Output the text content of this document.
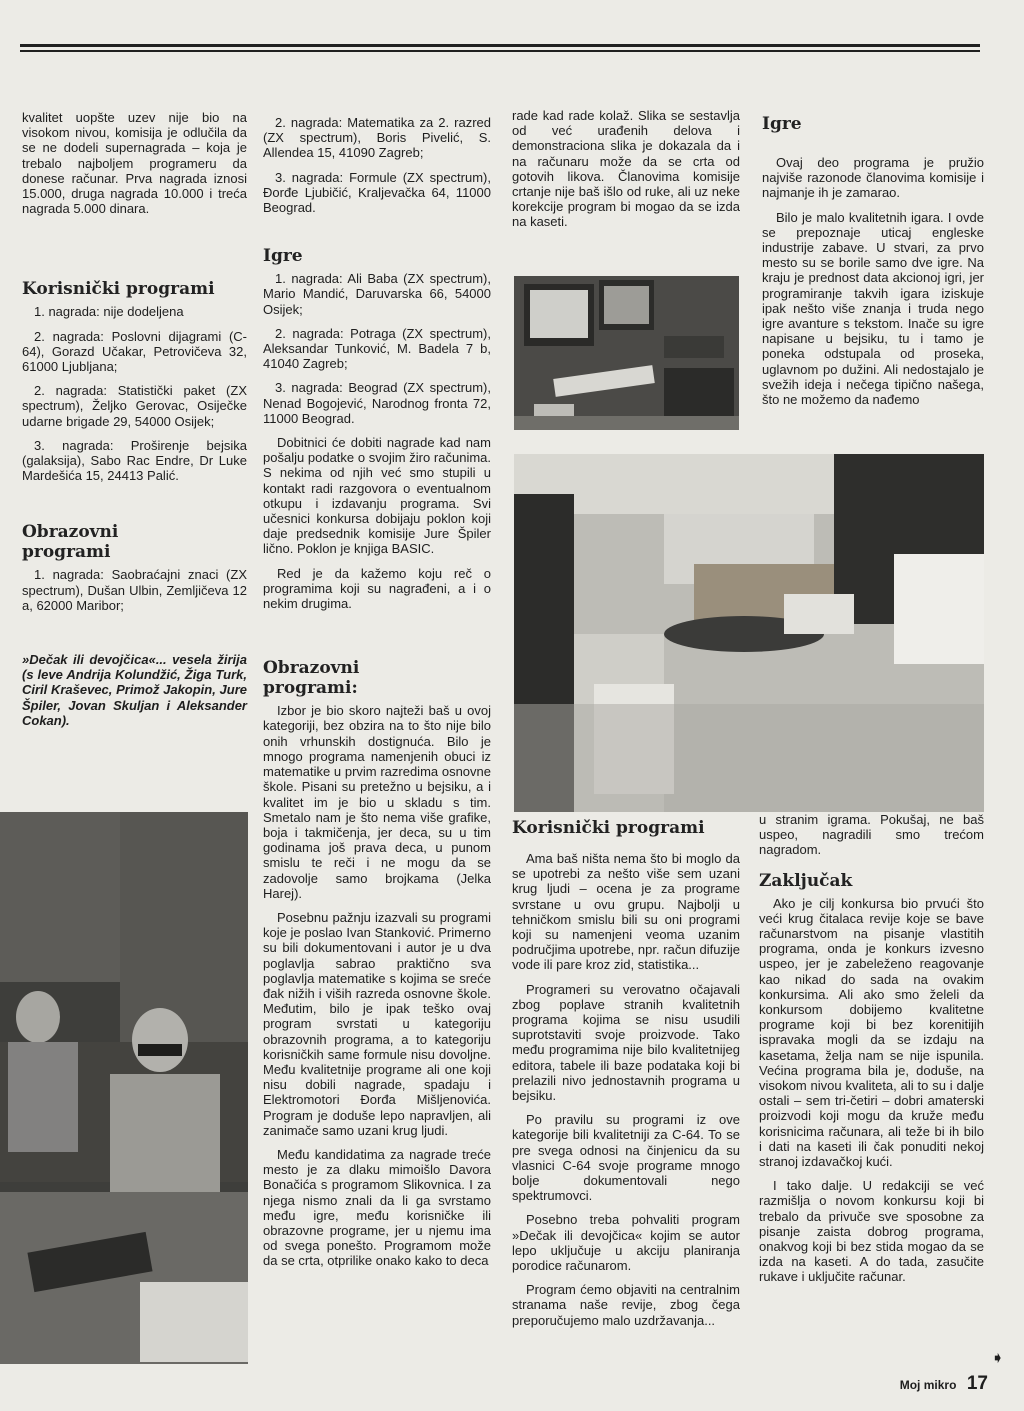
kvalitet uopšte uzev nije bio na visokom nivou, komisija je odlučila da se ne dodeli supernagrada – koja je trebalo najboljem programeru da donese računar. Prva nagrada iznosi 15.000, druga nagrada 10.000 i treća nagrada 5.000 dinara.

Korisnički programi

1. nagrada: nije dodeljena

2. nagrada: Poslovni dijagrami (C-64), Gorazd Učakar, Petrovičeva 32, 61000 Ljubljana;

2. nagrada: Statistički paket (ZX spectrum), Željko Gerovac, Osiječke udarne brigade 29, 54000 Osijek;

3. nagrada: Proširenje bejsika (galaksija), Sabo Rac Endre, Dr Luke Mardešića 15, 24413 Palić.

Obrazovni programi

1. nagrada: Saobraćajni znaci (ZX spectrum), Dušan Ulbin, Zemljičeva 12 a, 62000 Maribor;

»Dečak ili devojčica«... vesela žirija (s leve Andrija Kolundžić, Žiga Turk, Ciril Kraševec, Primož Jakopin, Jure Špiler, Jovan Skuljan i Aleksander Cokan).

2. nagrada: Matematika za 2. razred (ZX spectrum), Boris Pivelić, S. Allendea 15, 41090 Zagreb;

3. nagrada: Formule (ZX spectrum), Đorđe Ljubičić, Kraljevačka 64, 11000 Beograd.

Igre

1. nagrada: Ali Baba (ZX spectrum), Mario Mandić, Daruvarska 66, 54000 Osijek;

2. nagrada: Potraga (ZX spectrum), Aleksandar Tunković, M. Badela 7 b, 41040 Zagreb;

3. nagrada: Beograd (ZX spectrum), Nenad Bogojević, Narodnog fronta 72, 11000 Beograd.

Dobitnici će dobiti nagrade kad nam pošalju podatke o svojim žiro računima. S nekima od njih već smo stupili u kontakt radi razgovora o eventualnom otkupu i izdavanju programa. Svi učesnici konkursa dobijaju poklon koji daje predsednik komisije Jure Špiler lično. Poklon je knjiga BASIC.

Red je da kažemo koju reč o programima koji su nagrađeni, a i o nekim drugima.

Obrazovni programi:

Izbor je bio skoro najteži baš u ovoj kategoriji, bez obzira na to što nije bilo onih vrhunskih dostignuća. Bilo je mnogo programa namenjenih obuci iz matematike u prvim razredima osnovne škole. Pisani su pretežno u bejsiku, a i kvalitet im je bio u skladu s tim. Smetalo nam je što nema više grafike, boja i takmičenja, jer deca, su u tim godinama još prava deca, u punom smislu te reči i ne mogu da se zadovolje samo brojkama (Jelka Harej).

Posebnu pažnju izazvali su programi koje je poslao Ivan Stanković. Primerno su bili dokumentovani i autor je u dva poglavlja sabrao praktično sva poglavlja matematike s kojima se sreće đak nižih i viših razreda osnovne škole. Međutim, bilo je ipak teško ovaj program svrstati u kategoriju obrazovnih programa, a to kategoriju korisničkih same formule nisu dovoljne. Među kvalitetnije programe ali one koji nisu dobili nagrade, spadaju i Elektromotori Đorđa Mišljenovića. Program je doduše lepo napravljen, ali zanimače samo uzani krug ljudi.

Među kandidatima za nagrade treće mesto je za dlaku mimoišlo Davora Bonačića s programom Slikovnica. I za njega nismo znali da li ga svrstamo među igre, među korisničke ili obrazovne programe, jer u njemu ima od svega ponešto. Programom može da se crta, otprilike onako kako to deca

rade kad rade kolaž. Slika se sestavlja od već urađenih delova i demonstraciona slika je dokazala da i na računaru može da se crta od gotovih likova. Članovima komisije crtanje nije baš išlo od ruke, ali uz neke korekcije program bi mogao da se izda na kaseti.

Igre

Ovaj deo programa je pružio najviše razonode članovima komisije i najmanje ih je zamarao.

Bilo je malo kvalitetnih igara. I ovde se prepoznaje uticaj engleske industrije zabave. U stvari, za prvo mesto su se borile samo dve igre. Na kraju je prednost data akcionoj igri, jer programiranje takvih igara iziskuje ipak nešto više znanja i truda nego igre avanture s tekstom. Inače su igre napisane u bejsiku, tu i tamo je poneka odstupala od proseka, uglavnom po dužini. Ali nedostajalo je svežih ideja i nečega tipično našega, što ne možemo da nađemo

Korisnički programi

Ama baš ništa nema što bi moglo da se upotrebi za nešto više sem uzani krug ljudi – ocena je za programe svrstane u ovu grupu. Najbolji u tehničkom smislu bili su oni programi koji su namenjeni veoma uzanim područjima upotrebe, npr. račun difuzije vode ili pare kroz zid, statistika...

Programeri su verovatno očajavali zbog poplave stranih kvalitetnih programa kojima se nisu usudili suprotstaviti svoje proizvode. Tako među programima nije bilo kvalitetnijeg editora, tabele ili baze podataka koji bi prelazili nivo jednostavnih programa u bejsiku.

Po pravilu su programi iz ove kategorije bili kvalitetniji za C-64. To se pre svega odnosi na činjenicu da su vlasnici C-64 svoje programe mnogo bolje dokumentovali nego spektrumovci.

Posebno treba pohvaliti program »Dečak ili devojčica« kojim se autor lepo uključuje u akciju planiranja porodice računarom.

Program ćemo objaviti na centralnim stranama naše revije, zbog čega preporučujemo malo uzdržavanja...

u stranim igrama. Pokušaj, ne baš uspeo, nagradili smo trećom nagradom.

Zaključak

Ako je cilj konkursa bio prvući što veći krug čitalaca revije koje se bave računarstvom na pisanje vlastitih programa, onda je konkurs izvesno uspeo, jer je zabeleženo reagovanje kao nikad do sada na ovakim konkursima. Ali ako smo želeli da konkursom dobijemo kvalitetne programe koji bi bez korenitijih ispravaka mogli da se izdaju na kasetama, želja nam se nije ispunila. Većina programa bila je, doduše, na visokom nivou kvaliteta, ali to su i dalje ostali – sem tri-četiri – dobri amaterski proizvodi koji mogu da kruže među korisnicima računara, ali teže bi ih bilo i dati na kaseti ili čak ponuditi nekoj stranoj izdavačkoj kući.

I tako dalje. U redakciji se već razmišlja o novom konkursu koji bi trebalo da privuče sve sposobne za pisanje zaista dobrog programa, onakvog koji bi bez stida mogao da se izda na kaseti. A do tada, zasučite rukave i uključite računar.

➧
Moj mikro 17
